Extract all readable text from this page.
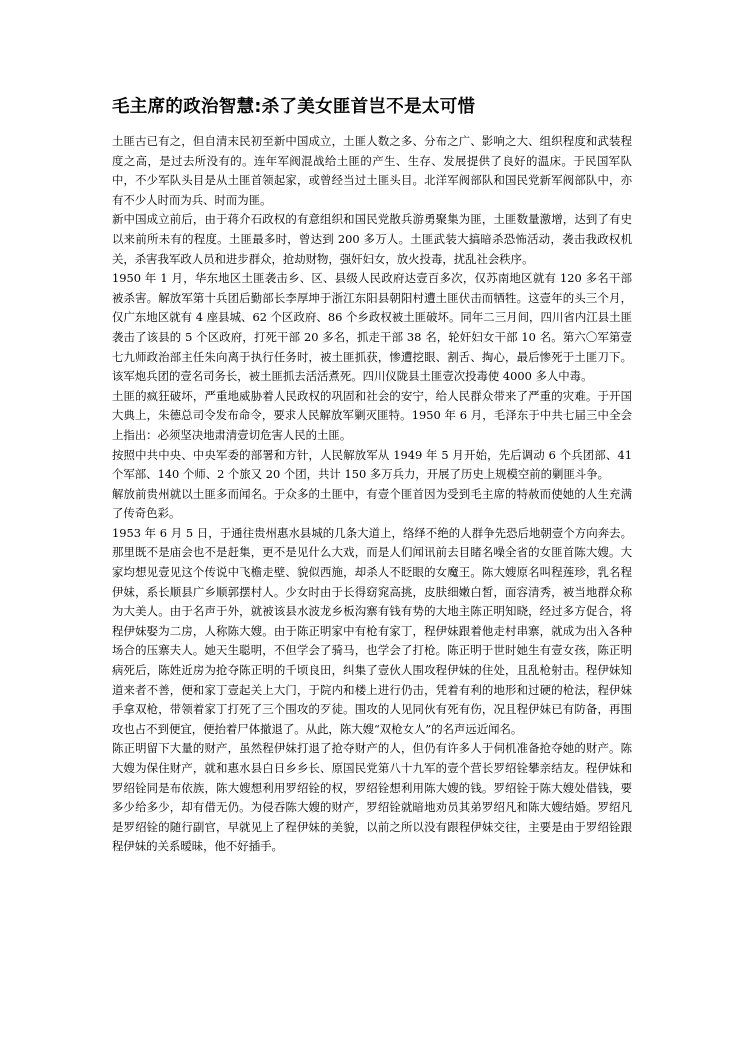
毛主席的政治智慧:杀了美女匪首岂不是太可惜

土匪古已有之，但自清末民初至新中国成立，土匪人数之多、分布之广、影响之大、组织程度和武装程度之高，是过去所没有的。连年军阀混战给土匪的产生、生存、发展提供了良好的温床。于民国军队中，不少军队头目是从土匪首领起家，或曾经当过土匪头目。北洋军阀部队和国民党新军阀部队中，亦有不少人时而为兵、时而为匪。

新中国成立前后，由于蒋介石政权的有意组织和国民党散兵游勇聚集为匪，土匪数量激增，达到了有史以来前所未有的程度。土匪最多时，曾达到 200 多万人。土匪武装大搞暗杀恐怖活动，袭击我政权机关，杀害我军政人员和进步群众，抢劫财物，强奸妇女，放火投毒，扰乱社会秩序。

1950 年 1 月，华东地区土匪袭击乡、区、县级人民政府达壹百多次，仅苏南地区就有 120 多名干部被杀害。解放军第十兵团后勤部长李厚坤于浙江东阳县朝阳村遭土匪伏击而牺牲。这壹年的头三个月，仅广东地区就有 4 座县城、62 个区政府、86 个乡政权被土匪破坏。同年二三月间，四川省内江县土匪袭击了该县的 5 个区政府，打死干部 20 多名，抓走干部 38 名，轮奸妇女干部 10 名。第六〇军第壹七九师政治部主任朱向离于执行任务时，被土匪抓获，惨遭挖眼、割舌、掏心，最后惨死于土匪刀下。该军炮兵团的壹名司务长，被土匪抓去活活煮死。四川仪陇县土匪壹次投毒使 4000 多人中毒。

土匪的疯狂破坏，严重地威胁着人民政权的巩固和社会的安宁，给人民群众带来了严重的灾难。于开国大典上，朱德总司令发布命令，要求人民解放军剿灭匪特。1950 年 6 月，毛泽东于中共七届三中全会上指出：必须坚决地肃清壹切危害人民的土匪。

按照中共中央、中央军委的部署和方针，人民解放军从 1949 年 5 月开始，先后调动 6 个兵团部、41 个军部、140 个师、2 个旅又 20 个团，共计 150 多万兵力，开展了历史上规模空前的剿匪斗争。

解放前贵州就以土匪多而闻名。于众多的土匪中，有壹个匪首因为受到毛主席的特赦而使她的人生充满了传奇色彩。

1953 年 6 月 5 日，于通往贵州惠水县城的几条大道上，络绎不绝的人群争先恐后地朝壹个方向奔去。那里既不是庙会也不是赶集，更不是见什么大戏，而是人们闻讯前去目睹名噪全省的女匪首陈大嫂。大家均想见壹见这个传说中飞檐走壁、貌似西施，却杀人不眨眼的女魔王。陈大嫂原名叫程莲珍，乳名程伊妹，系长顺县广乡顺郭摆村人。少女时由于长得窈窕高挑，皮肤细嫩白皙，面容清秀，被当地群众称为大美人。由于名声于外，就被该县水波龙乡板沟寨有钱有势的大地主陈正明知晓，经过多方促合，将程伊妹娶为二房，人称陈大嫂。由于陈正明家中有枪有家丁，程伊妹跟着他走村串寨，就成为出入各种场合的压寨夫人。她天生聪明，不但学会了骑马，也学会了打枪。陈正明于世时她生有壹女孩，陈正明病死后，陈姓近房为抢夺陈正明的千顷良田，纠集了壹伙人围攻程伊妹的住处，且乱枪射击。程伊妹知道来者不善，便和家丁壹起关上大门，于院内和楼上进行仍击，凭着有利的地形和过硬的枪法，程伊妹手拿双枪，带领着家丁打死了三个围攻的歹徒。围攻的人见同伙有死有伤，况且程伊妹已有防备，再围攻也占不到便宜，便抬着尸体撤退了。从此，陈大嫂“双枪女人”的名声远近闻名。

陈正明留下大量的财产，虽然程伊妹打退了抢夺财产的人，但仍有许多人于伺机准备抢夺她的财产。陈大嫂为保住财产，就和惠水县白日乡乡长、原国民党第八十九军的壹个营长罗绍铨攀亲结友。程伊妹和罗绍铨同是布依族，陈大嫂想利用罗绍铨的权，罗绍铨想利用陈大嫂的钱。罗绍铨于陈大嫂处借钱，要多少给多少，却有借无仍。为侵吞陈大嫂的财产，罗绍铨就暗地劝员其弟罗绍凡和陈大嫂结婚。罗绍凡是罗绍铨的随行副官，早就见上了程伊妹的美貌，以前之所以没有跟程伊妹交往，主要是由于罗绍铨跟程伊妹的关系暧昧，他不好插手。
